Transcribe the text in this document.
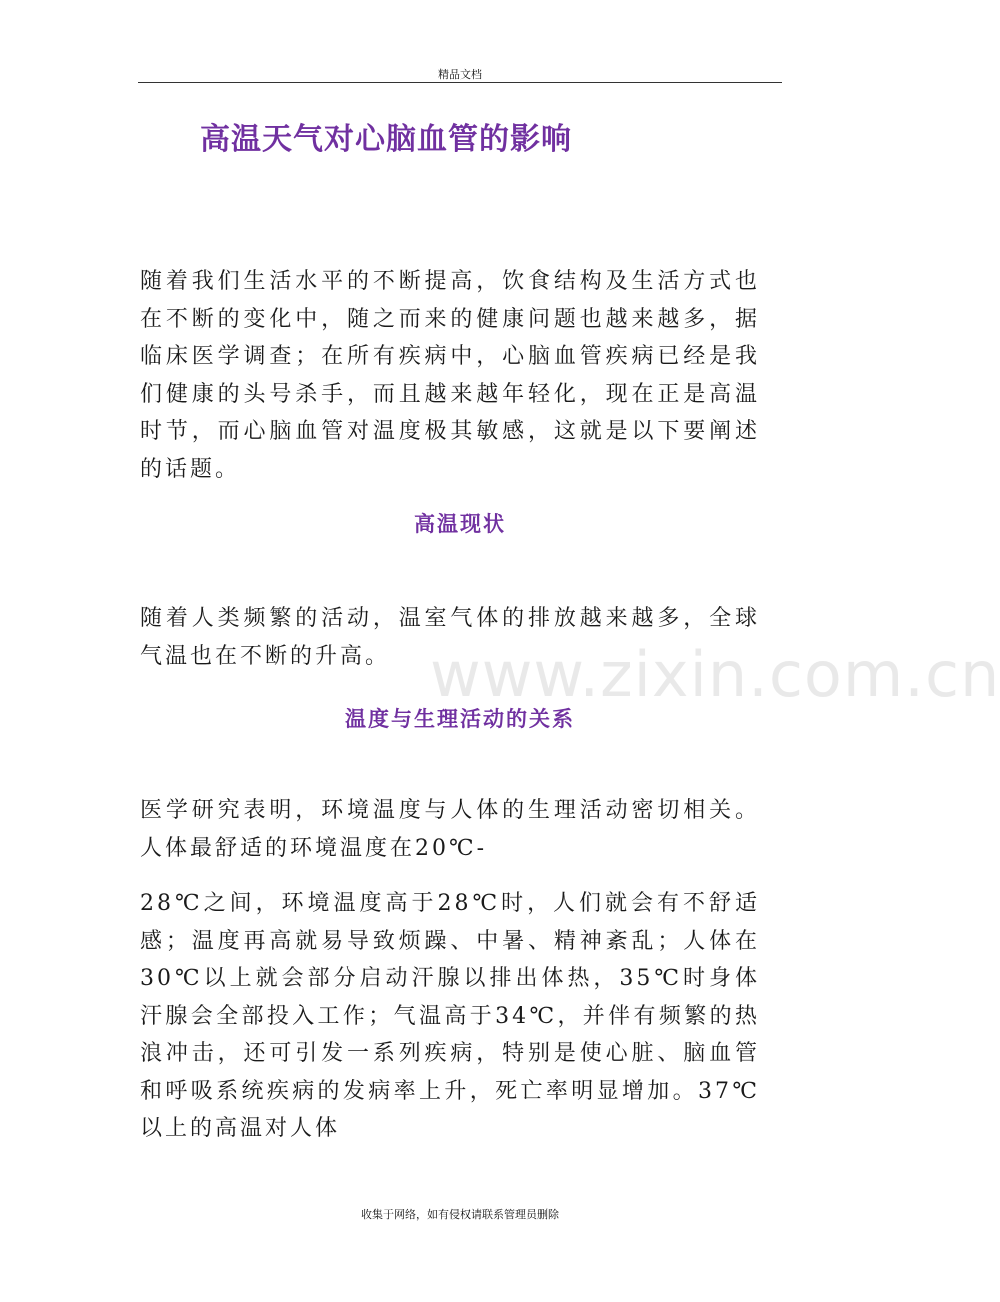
精品文档
高温天气对心脑血管的影响

随着我们生活水平的不断提高，饮食结构及生活方式也在不断的变化中，随之而来的健康问题也越来越多，据临床医学调查；在所有疾病中，心脑血管疾病已经是我们健康的头号杀手，而且越来越年轻化，现在正是高温时节，而心脑血管对温度极其敏感，这就是以下要阐述的话题。

高温现状

随着人类频繁的活动，温室气体的排放越来越多，全球气温也在不断的升高。

温度与生理活动的关系

医学研究表明，环境温度与人体的生理活动密切相关。人体最舒适的环境温度在20℃-

28℃之间，环境温度高于28℃时，人们就会有不舒适感；温度再高就易导致烦躁、中暑、精神紊乱；人体在30℃以上就会部分启动汗腺以排出体热，35℃时身体汗腺会全部投入工作；气温高于34℃，并伴有频繁的热浪冲击，还可引发一系列疾病，特别是使心脏、脑血管和呼吸系统疾病的发病率上升，死亡率明显增加。37℃以上的高温对人体

www.zixin.com.cn
收集于网络，如有侵权请联系管理员删除
